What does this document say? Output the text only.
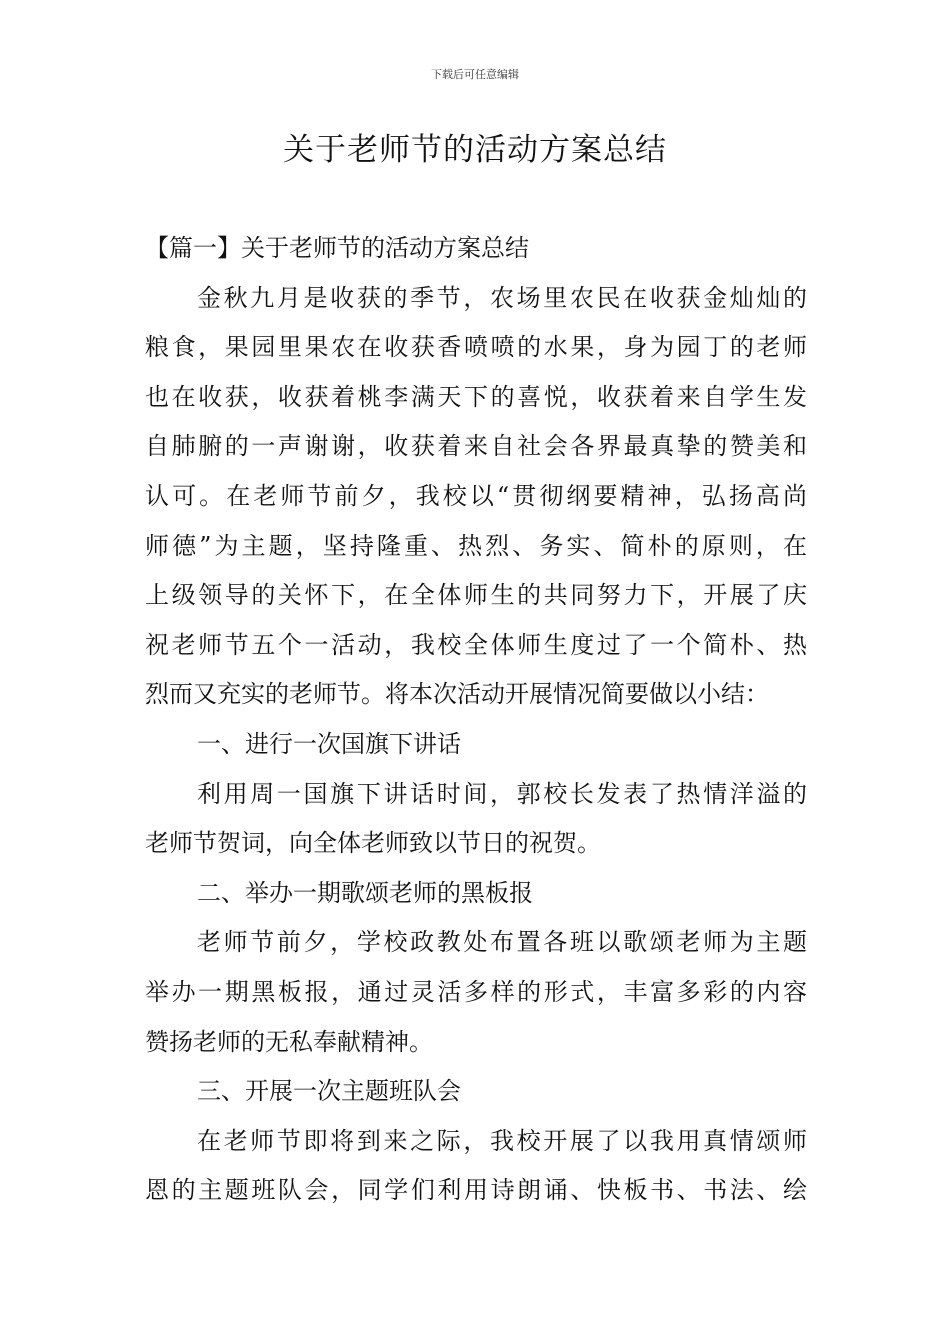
下载后可任意编辑
关于老师节的活动方案总结
【篇一】关于老师节的活动方案总结
金秋九月是收获的季节，农场里农民在收获金灿灿的
粮食，果园里果农在收获香喷喷的水果，身为园丁的老师
也在收获，收获着桃李满天下的喜悦，收获着来自学生发
自肺腑的一声谢谢，收获着来自社会各界最真挚的赞美和
认可。在老师节前夕，我校以“贯彻纲要精神，弘扬高尚
师德”为主题，坚持隆重、热烈、务实、简朴的原则，在
上级领导的关怀下，在全体师生的共同努力下，开展了庆
祝老师节五个一活动，我校全体师生度过了一个简朴、热
烈而又充实的老师节。将本次活动开展情况简要做以小结：
一、进行一次国旗下讲话
利用周一国旗下讲话时间，郭校长发表了热情洋溢的
老师节贺词，向全体老师致以节日的祝贺。
二、举办一期歌颂老师的黑板报
老师节前夕，学校政教处布置各班以歌颂老师为主题
举办一期黑板报，通过灵活多样的形式，丰富多彩的内容
赞扬老师的无私奉献精神。
三、开展一次主题班队会
在老师节即将到来之际，我校开展了以我用真情颂师
恩的主题班队会，同学们利用诗朗诵、快板书、书法、绘
